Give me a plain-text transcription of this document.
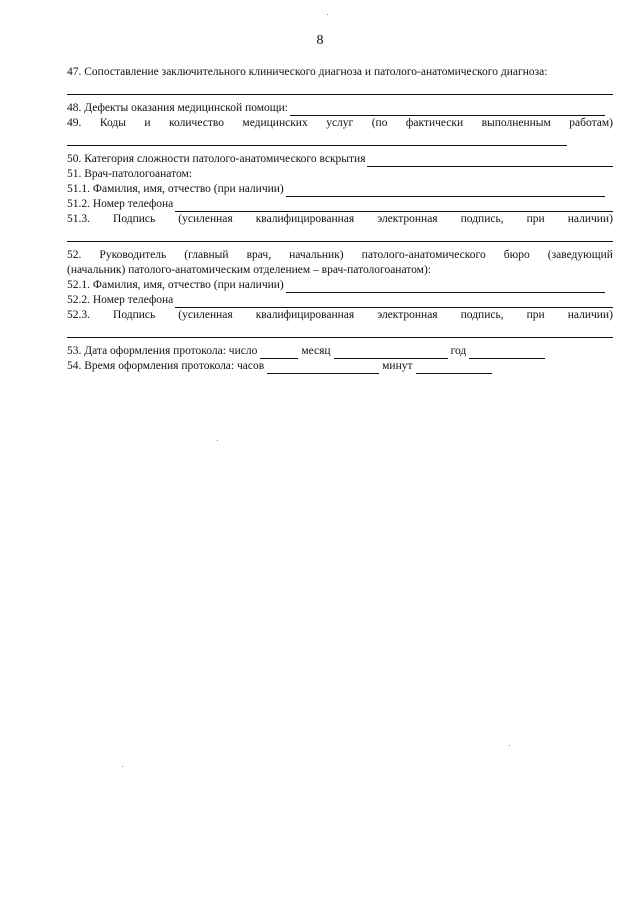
8
47. Сопоставление заключительного клинического диагноза и патолого-анатомического диагноза:
48. Дефекты оказания медицинской помощи:
49. Коды и количество медицинских услуг (по фактически выполненным работам)
50. Категория сложности патолого-анатомического вскрытия
51. Врач-патологоанатом:
51.1. Фамилия, имя, отчество (при наличии)
51.2. Номер телефона
51.3. Подпись (усиленная квалифицированная электронная подпись, при наличии)
52. Руководитель (главный врач, начальник) патолого-анатомического бюро (заведующий
(начальник) патолого-анатомическим отделением – врач-патологоанатом):
52.1. Фамилия, имя, отчество (при наличии)
52.2. Номер телефона
52.3. Подпись (усиленная квалифицированная электронная подпись, при наличии)
53. Дата оформления протокола: число	месяц	год
54. Время оформления протокола: часов	минут
